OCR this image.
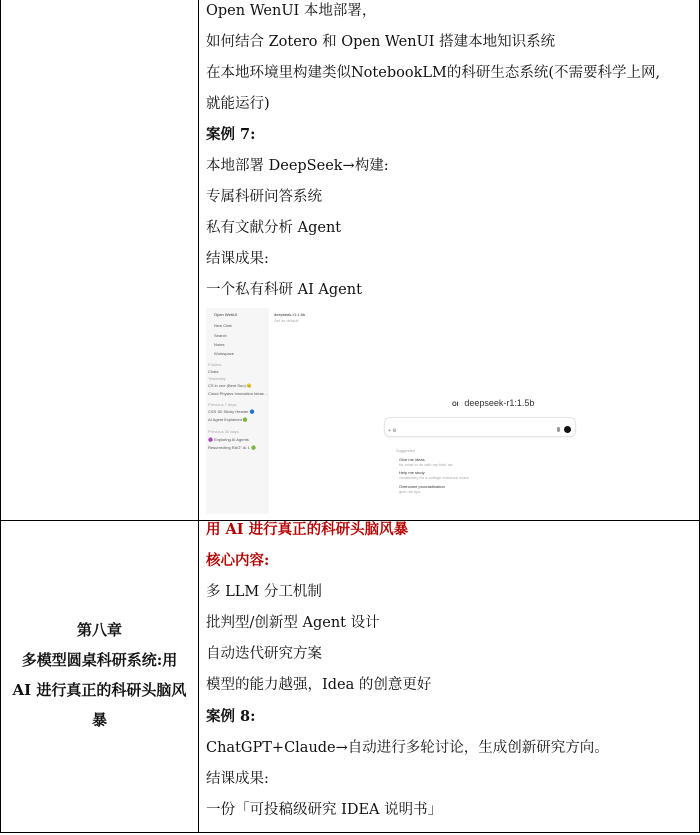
Open WenUI 本地部署，
如何结合 Zotero 和 Open WenUI 搭建本地知识系统
在本地环境里构建类似NotebookLM的科研生态系统(不需要科学上网,
就能运行)
案例 7:
本地部署 DeepSeek→构建:
专属科研问答系统
私有文献分析 Agent
结课成果:
一个私有科研 AI Agent
Open WebUI
New Chat
Search
Notes
Workspace
Folders
Chats
Yesterday
CS in one (Bent Sun) 😊
Cloud Physics Innovation Ideas ...
Previous 7 days
CSS 3D Sticky Header 🔵
AI Agent Explained 🟢
Previous 30 days
🟣 Exploring AI Agents
Resurrecting RAG" AI 1 🟢
deepseek-r1:1.5b
Set as default
OI deepseek-r1:1.5b
+ ⚙
Suggested
Give me ideas
for what to do with my kids' art
Help me study
vocabulary for a college entrance exam
Overcome procrastination
give me tips
第八章
多模型圆桌科研系统:用
AI 进行真正的科研头脑风
暴
用 AI 进行真正的科研头脑风暴
核心内容:
多 LLM 分工机制
批判型/创新型 Agent 设计
自动迭代研究方案
模型的能力越强，Idea 的创意更好
案例 8:
ChatGPT+Claude→自动进行多轮讨论，生成创新研究方向。
结课成果:
一份「可投稿级研究 IDEA 说明书」
